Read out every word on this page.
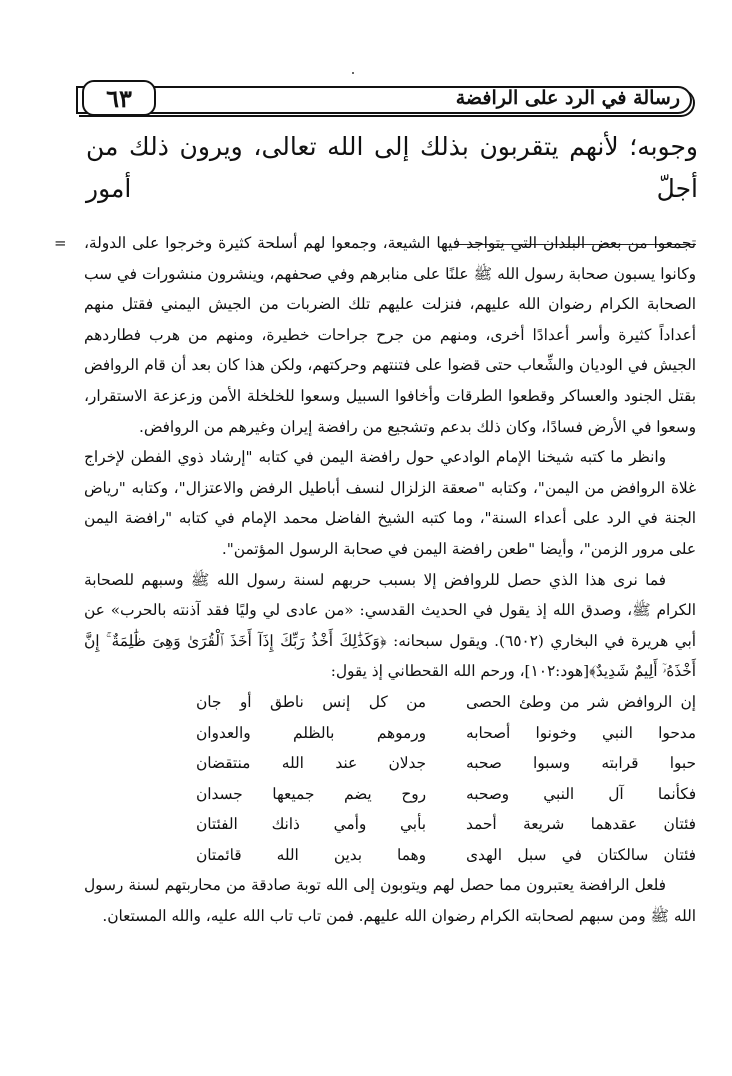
٦٣	رسالة في الرد على الرافضة
وجوبه؛ لأنهم يتقربون بذلك إلى الله تعالى، ويرون ذلك من أجلّ أمور
= تجمعوا من بعض البلدان التي يتواجد فيها الشيعة، وجمعوا لهم أسلحة كثيرة وخرجوا على الدولة، وكانوا يسبون صحابة رسول الله ﷺ علنًا على منابرهم وفي صحفهم، وينشرون منشورات في سب الصحابة الكرام رضوان الله عليهم، فنزلت عليهم تلك الضربات من الجيش اليمني فقتل منهم أعداداً كثيرة وأسر أعدادًا أخرى، ومنهم من جرح جراحات خطيرة، ومنهم من هرب فطاردهم الجيش في الوديان والشِّعاب حتى قضوا على فتنتهم وحركتهم، ولكن هذا كان بعد أن قام الروافض بقتل الجنود والعساكر وقطعوا الطرقات وأخافوا السبيل وسعوا للخلخلة الأمن وزعزعة الاستقرار، وسعوا في الأرض فسادًا، وكان ذلك بدعم وتشجيع من رافضة إيران وغيرهم من الروافض.

وانظر ما كتبه شيخنا الإمام الوادعي حول رافضة اليمن في كتابه "إرشاد ذوي الفطن لإخراج غلاة الروافض من اليمن"، وكتابه "صعقة الزلزال لنسف أباطيل الرفض والاعتزال"، وكتابه "رياض الجنة في الرد على أعداء السنة"، وما كتبه الشيخ الفاضل محمد الإمام في كتابه "رافضة اليمن على مرور الزمن"، وأيضا "طعن رافضة اليمن في صحابة الرسول المؤتمن".

فما نرى هذا الذي حصل للروافض إلا بسبب حربهم لسنة رسول الله ﷺ وسبهم للصحابة الكرام ﷺ، وصدق الله إذ يقول في الحديث القدسي: «من عادى لي وليًا فقد آذنته بالحرب» عن أبي هريرة في البخاري (٦٥٠٢). ويقول سبحانه: ﴿وَكَذَٰلِكَ أَخْذُ رَبِّكَ إِذَآ أَخَذَ ٱلْقُرَىٰ وَهِىَ ظَٰلِمَةٌ ۚ إِنَّ أَخْذَهُۥٓ أَلِيمٌ شَدِيدٌ﴾[هود:١٠٢]، ورحم الله القحطاني إذ يقول:

إن الروافض شر من وطئ الحصى
من كل إنس ناطق أو جان
مدحوا النبي وخونوا أصحابه
ورموهم بالظلم والعدوان
حبوا قرابته وسبوا صحبه
جدلان عند الله منتقضان
فكأنما آل النبي وصحبه
روح يضم جميعها جسدان
فئتان عقدهما شريعة أحمد
بأبي وأمي ذانك الفئتان
فئتان سالكتان في سبل الهدى
وهما بدين الله قائمتان

فلعل الرافضة يعتبرون مما حصل لهم ويتوبون إلى الله توبة صادقة من محاربتهم لسنة رسول الله ﷺ ومن سبهم لصحابته الكرام رضوان الله عليهم. فمن تاب تاب الله عليه، والله المستعان.
